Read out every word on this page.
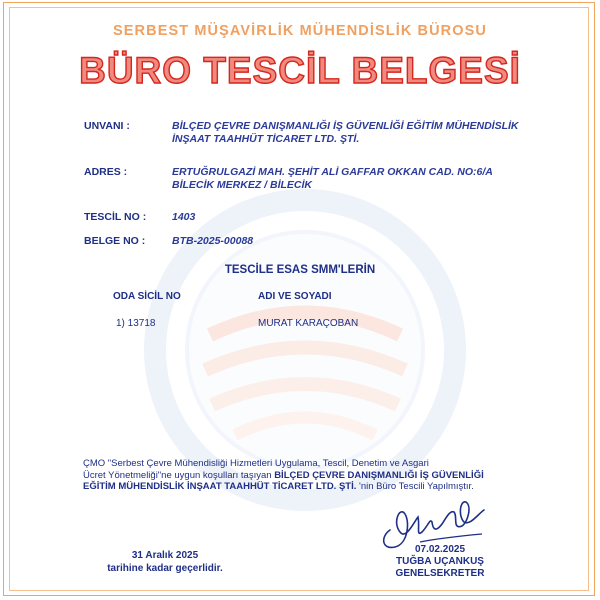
SERBEST MÜŞAVİRLİK MÜHENDİSLİK BÜROSU
BÜRO TESCİL BELGESİ
UNVANI :	BİLÇED ÇEVRE DANIŞMANLIĞI İŞ GÜVENLİĞİ EĞİTİM MÜHENDİSLİK
İNŞAAT TAAHHÜT TİCARET LTD. ŞTİ.
ADRES :	ERTUĞRULGAZİ MAH. ŞEHİT ALİ GAFFAR OKKAN CAD. NO:6/A
BİLECİK MERKEZ / BİLECİK
TESCİL NO : 1403
BELGE NO :	BTB-2025-00088
TESCİLE ESAS SMM'LERİN
ODA SİCİL NO	ADI VE SOYADI
1) 13718	MURAT KARAÇOBAN
ÇMO "Serbest Çevre Mühendisliği Hizmetleri Uygulama, Tescil, Denetim ve Asgari
Ücret Yönetmeliği"ne uygun koşulları taşıyan BİLÇED ÇEVRE DANIŞMANLIĞI İŞ GÜVENLİĞİ
EĞİTİM MÜHENDİSLİK İNŞAAT TAAHHÜT TİCARET LTD. ŞTİ. 'nin Büro Tescili Yapılmıştır.
31 Aralık 2025
tarihine kadar geçerlidir.
07.02.2025
TUĞBA UÇANKUŞ
GENELSEKRETER
